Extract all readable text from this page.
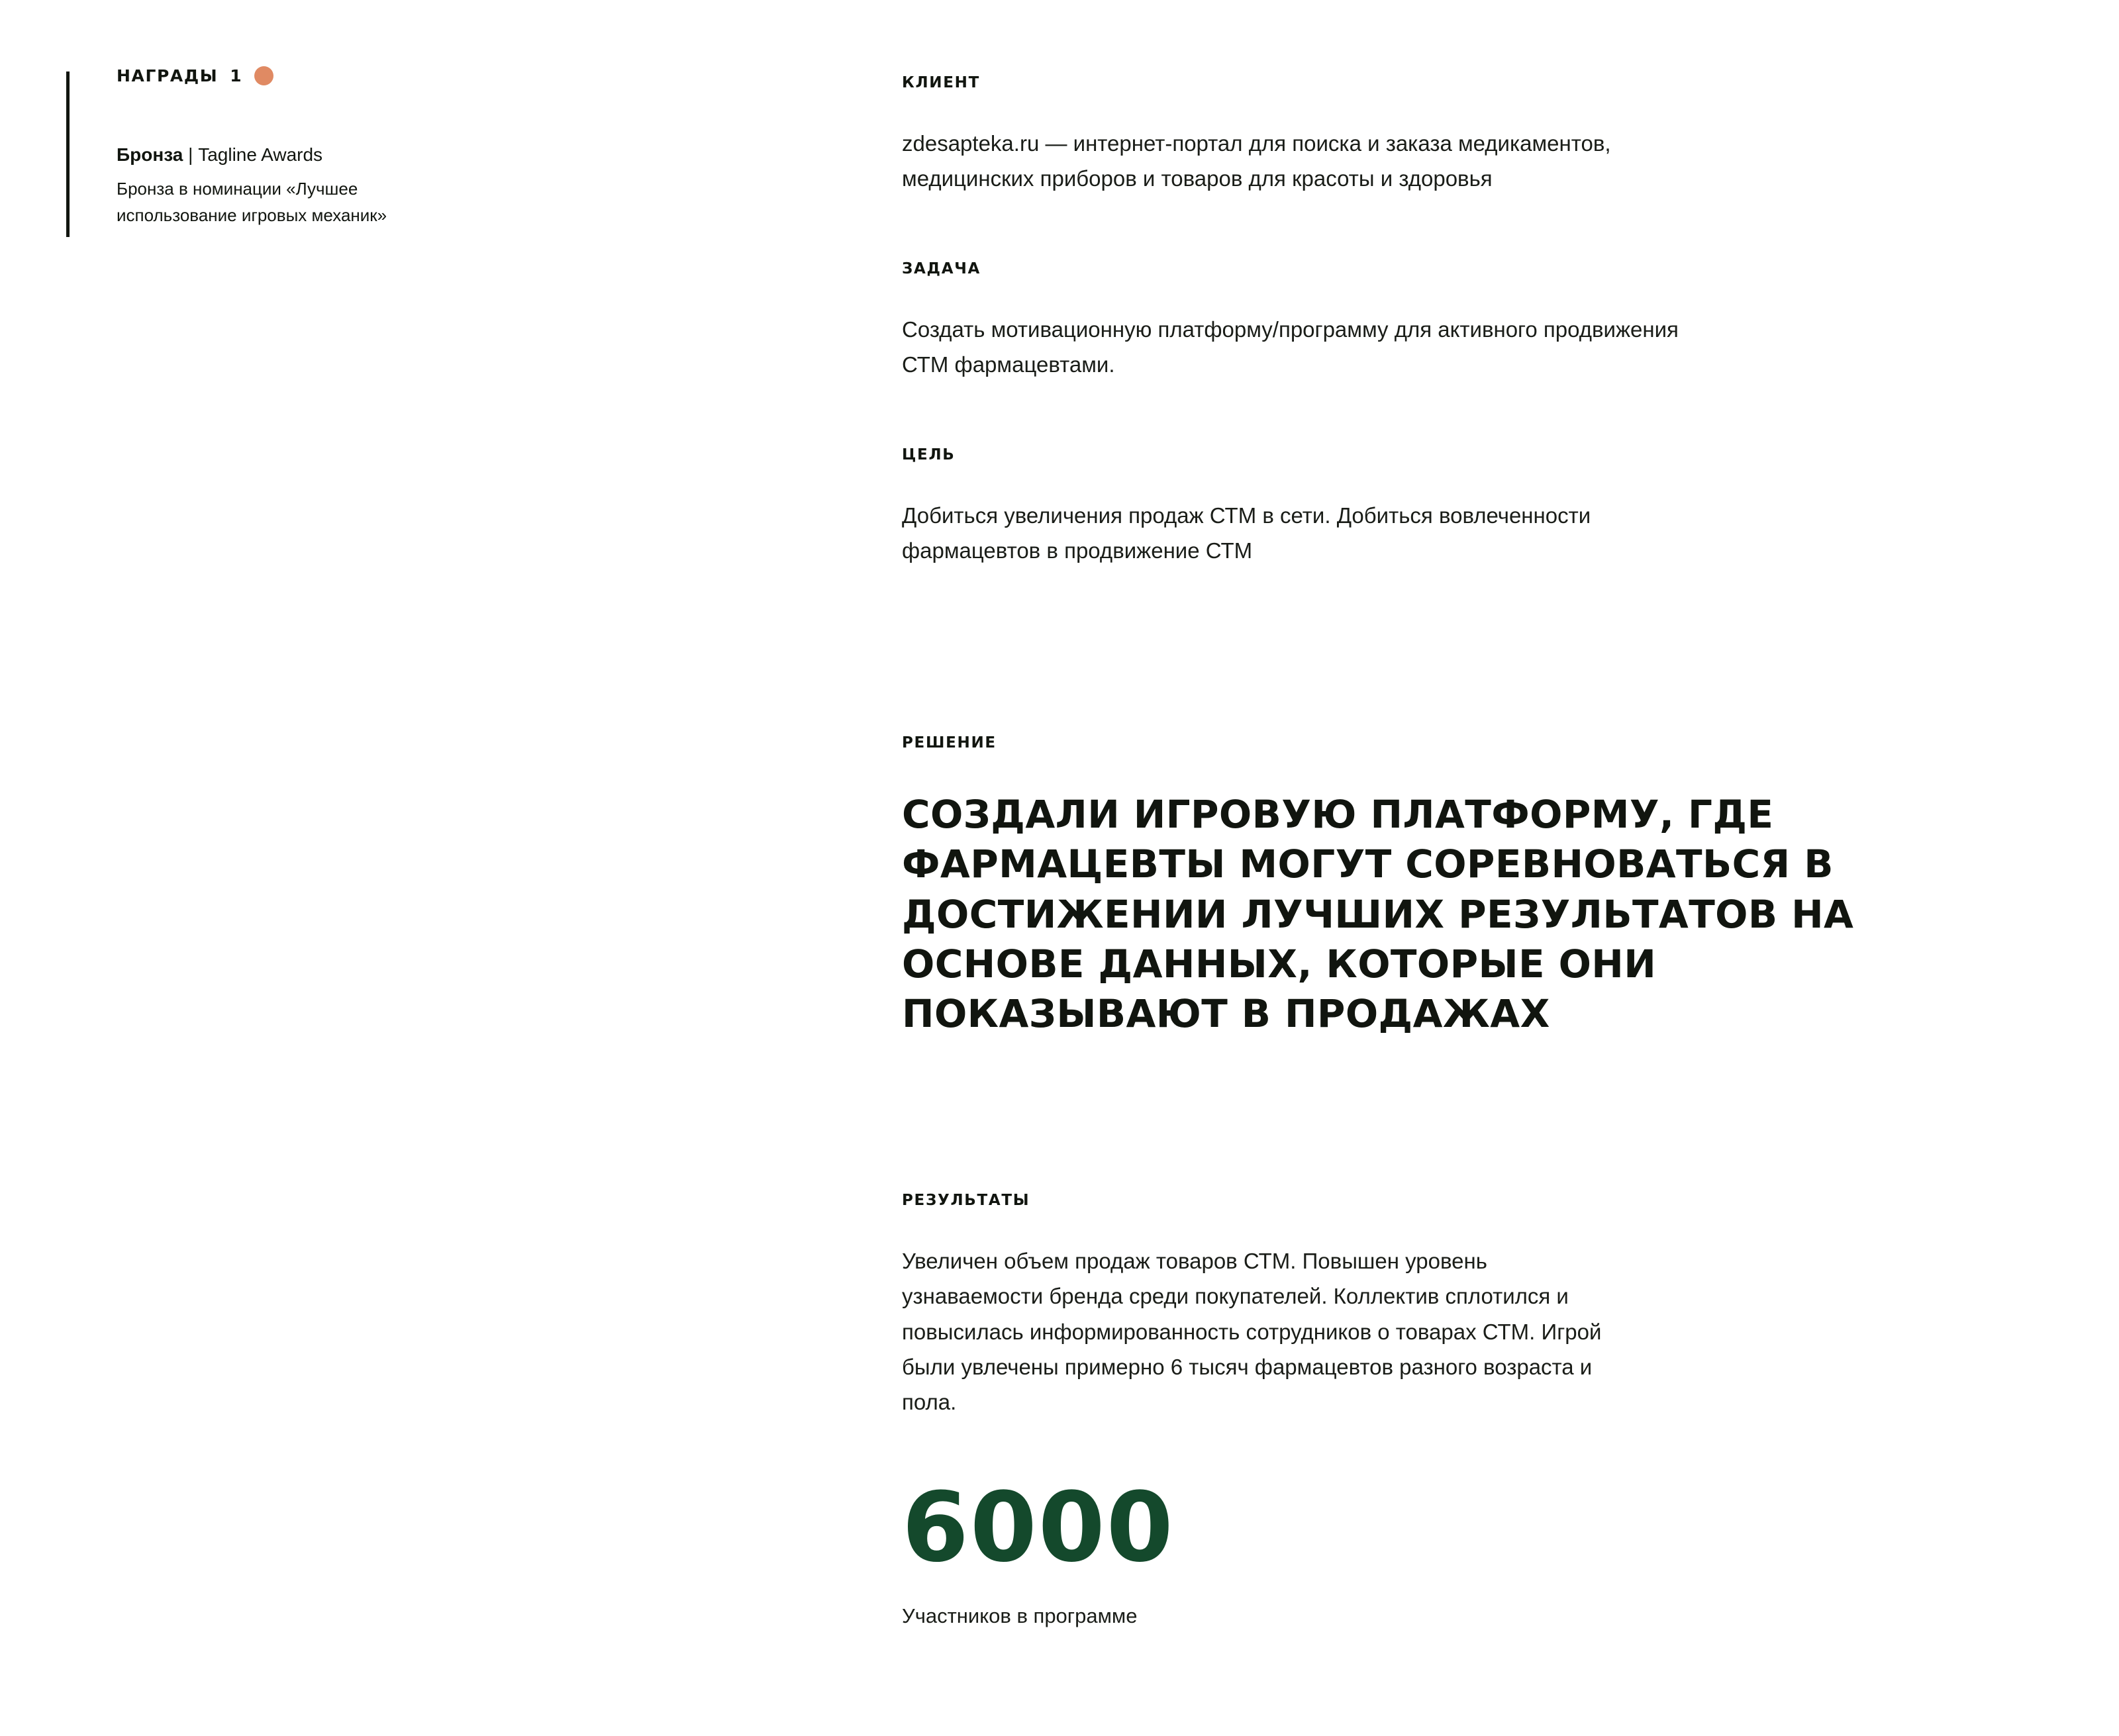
НАГРАДЫ 1
Бронза | Tagline Awards
Бронза в номинации «Лучшее использование игровых механик»
КЛИЕНТ
zdesapteka.ru — интернет-портал для поиска и заказа медикаментов, медицинских приборов и товаров для красоты и здоровья
ЗАДАЧА
Создать мотивационную платформу/программу для активного продвижения СТМ фармацевтами.
ЦЕЛЬ
Добиться увеличения продаж СТМ в сети. Добиться вовлеченности фармацевтов в продвижение СТМ
РЕШЕНИЕ
СОЗДАЛИ ИГРОВУЮ ПЛАТФОРМУ, ГДЕ ФАРМАЦЕВТЫ МОГУТ СОРЕВНОВАТЬСЯ В ДОСТИЖЕНИИ ЛУЧШИХ РЕЗУЛЬТАТОВ НА ОСНОВЕ ДАННЫХ, КОТОРЫЕ ОНИ ПОКАЗЫВАЮТ В ПРОДАЖАХ
РЕЗУЛЬТАТЫ
Увеличен объем продаж товаров СТМ. Повышен уровень узнаваемости бренда среди покупателей. Коллектив сплотился и повысилась информированность сотрудников о товарах СТМ. Игрой были увлечены примерно 6 тысяч фармацевтов разного возраста и пола.
6000
Участников в программе
